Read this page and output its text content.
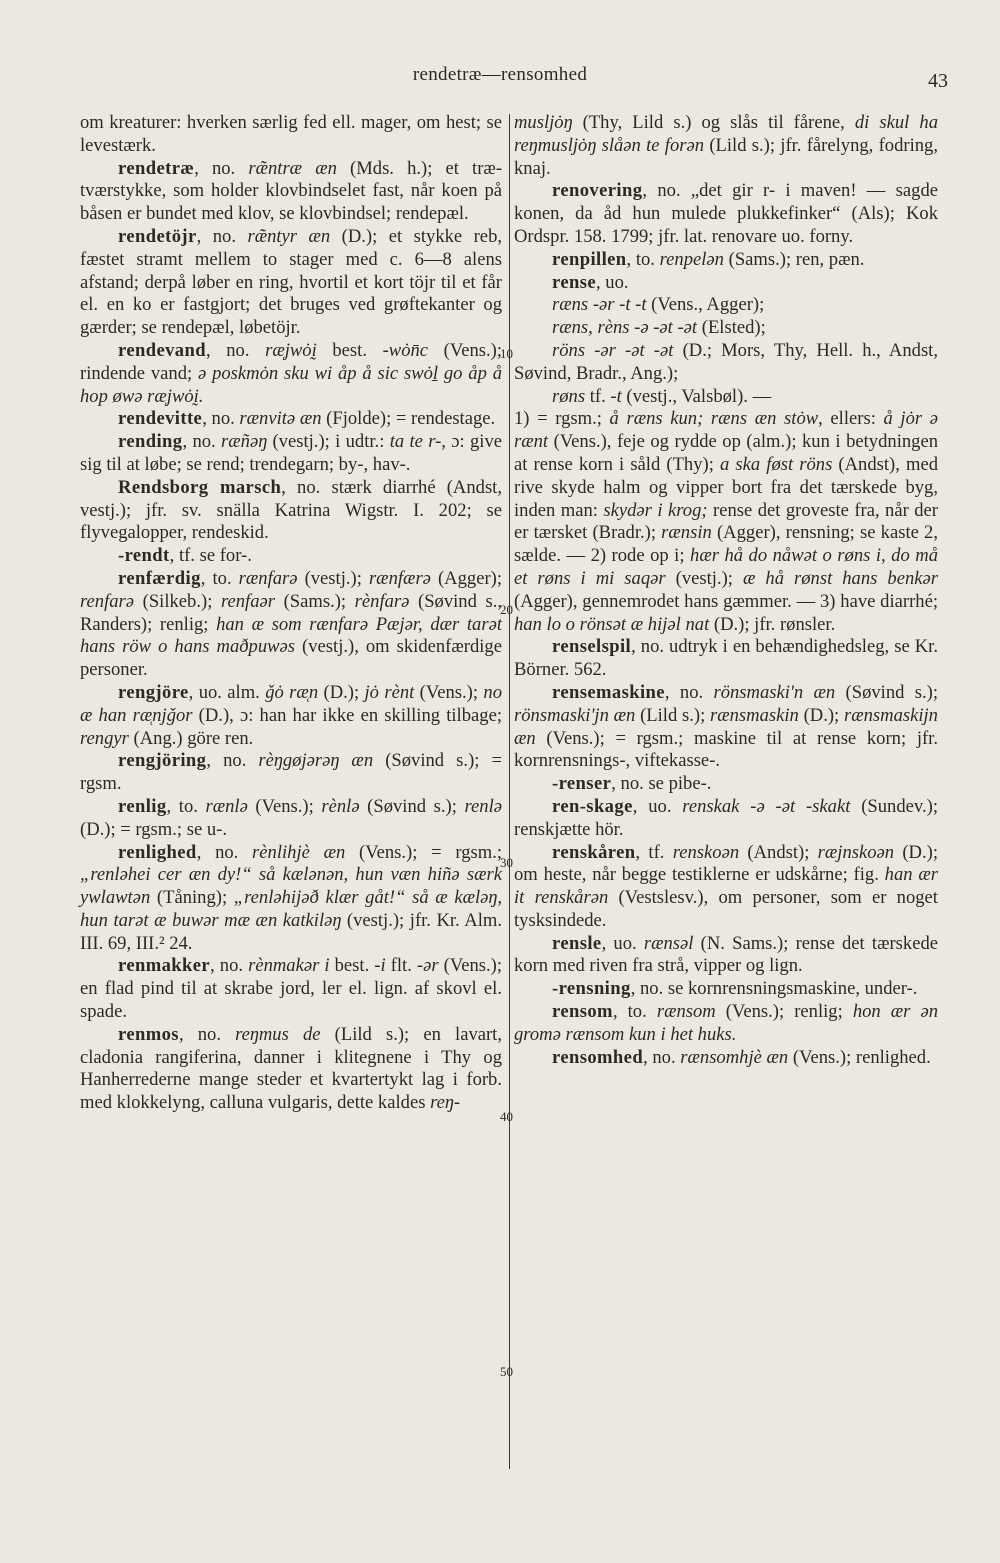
rendetræ—rensomhed	43

om kreaturer: hverken særlig fed ell. mager, om hest; se levestærk.

rendetræ, no. ræ̃ntræ æn (Mds. h.); et træ-tværstykke, som holder klovbindselet fast, når koen på båsen er bundet med klov, se klovbindsel; rendepæl.

rendetöjr, no. ræ̃ntyr æn (D.); et stykke reb, fæstet stramt mellem to stager med c. 6—8 alens afstand; derpå løber en ring, hvortil et kort töjr til et får el. en ko er fastgjort; det bruges ved grøftekanter og gærder; se rendepæl, løbetöjr.

rendevand, no. ræ̜jwȯḭ best. -wȯn̄c (Vens.); rindende vand; ə poskmȯn sku wi åp å sic swȯḻ go åp å hop øwə ræ̜jwȯḭ.

rendevitte, no. rænvitə æn (Fjolde); = rendestage.

rending, no. ræñəŋ (vestj.); i udtr.: ta te r-, ɔ: give sig til at løbe; se rend; trendegarn; by-, hav-.

Rendsborg marsch, no. stærk diarrhé (Andst, vestj.); jfr. sv. snälla Katrina Wigstr. I. 202; se flyvegalopper, rendeskid.

-rendt, tf. se for-.

renfærdig, to. rænfarə (vestj.); rænfærə (Agger); renfarə (Silkeb.); renfaər (Sams.); rènfarə (Søvind s., Randers); renlig; han æ som rænfarə Pæjər, dær tarət hans röw o hans maðpuwəs (vestj.), om skidenfærdige personer.

rengjöre, uo. alm. ǧȯ ræ̜n (D.); jȯ rènt (Vens.); no æ han ræ̜njǧor (D.), ɔ: han har ikke en skilling tilbage; rengyr (Ang.) göre ren.

rengjöring, no. rèŋgøjərəŋ æn (Søvind s.); = rgsm.

renlig, to. rænlə (Vens.); rènlə (Søvind s.); renlə (D.); = rgsm.; se u-.

renlighed, no. rènlihjè æn (Vens.); = rgsm.; „renləhei cer æn dy!“ så kælənən, hun væn hiñə særk ywlawtən (Tåning); „renləhijəð klær gåt!“ så æ kæləŋ, hun tarət æ buwər mæ æn katkiləŋ (vestj.); jfr. Kr. Alm. III. 69, III.² 24.

renmakker, no. rènmakər i best. -i flt. -ər (Vens.); en flad pind til at skrabe jord, ler el. lign. af skovl el. spade.

renmos, no. reŋmus de (Lild s.); en lavart, cladonia rangiferina, danner i klitegnene i Thy og Hanherrederne mange steder et kvartertykt lag i forb. med klokkelyng, calluna vulgaris, dette kaldes reŋ-

musljȯŋ (Thy, Lild s.) og slås til fårene, di skul ha reŋmusljȯŋ slåən te forən (Lild s.); jfr. fårelyng, fodring, knaj.

renovering, no. „det gir r- i maven! — sagde konen, da åd hun mulede plukkefinker“ (Als); Kok Ordspr. 158. 1799; jfr. lat. renovare uo. forny.

renpillen, to. renpelən (Sams.); ren, pæn.

rense, uo.

ræns -ər -t -t (Vens., Agger);

ræns, rèns -ə -ət -ət (Elsted);

röns -ər -ət -ət (D.; Mors, Thy, Hell. h., Andst, Søvind, Bradr., Ang.);

røns tf. -t (vestj., Valsbøl). —

1) = rgsm.; å ræns kun; ræns æn stȯw, ellers: å jȯr ə rænt (Vens.), feje og rydde op (alm.); kun i betydningen at rense korn i såld (Thy); a ska føst röns (Andst), med rive skyde halm og vipper bort fra det tærskede byg, inden man: skydər i krog; rense det groveste fra, når der er tærsket (Bradr.); rænsin (Agger), rensning; se kaste 2, sælde. — 2) rode op i; hær hå do nåwət o røns i, do må et røns i mi saqər (vestj.); æ hå rønst hans benkər (Agger), gennemrodet hans gæmmer. — 3) have diarrhé; han lo o rönsət æ hijəl nat (D.); jfr. rønsler.

renselspil, no. udtryk i en behændighedsleg, se Kr. Börner. 562.

rensemaskine, no. rönsmaski'n æn (Søvind s.); rönsmaski'jn æn (Lild s.); rænsmaskin (D.); rænsmaskijn æn (Vens.); = rgsm.; maskine til at rense korn; jfr. kornrensnings-, viftekasse-.

-renser, no. se pibe-.

ren-skage, uo. renskak -ə -ət -skakt (Sundev.); renskjætte hör.

renskåren, tf. renskoən (Andst); ræjnskoən (D.); om heste, når begge testiklerne er udskårne; fig. han ær it renskårən (Vestslesv.), om personer, som er noget tysksindede.

rensle, uo. rænsəl (N. Sams.); rense det tærskede korn med riven fra strå, vipper og lign.

-rensning, no. se kornrensningsmaskine, under-.

rensom, to. rænsom (Vens.); renlig; hon ær ən gromə rænsom kun i het huks.

rensomhed, no. rænsomhjè æn (Vens.); renlighed.

10
20
30
40
50
